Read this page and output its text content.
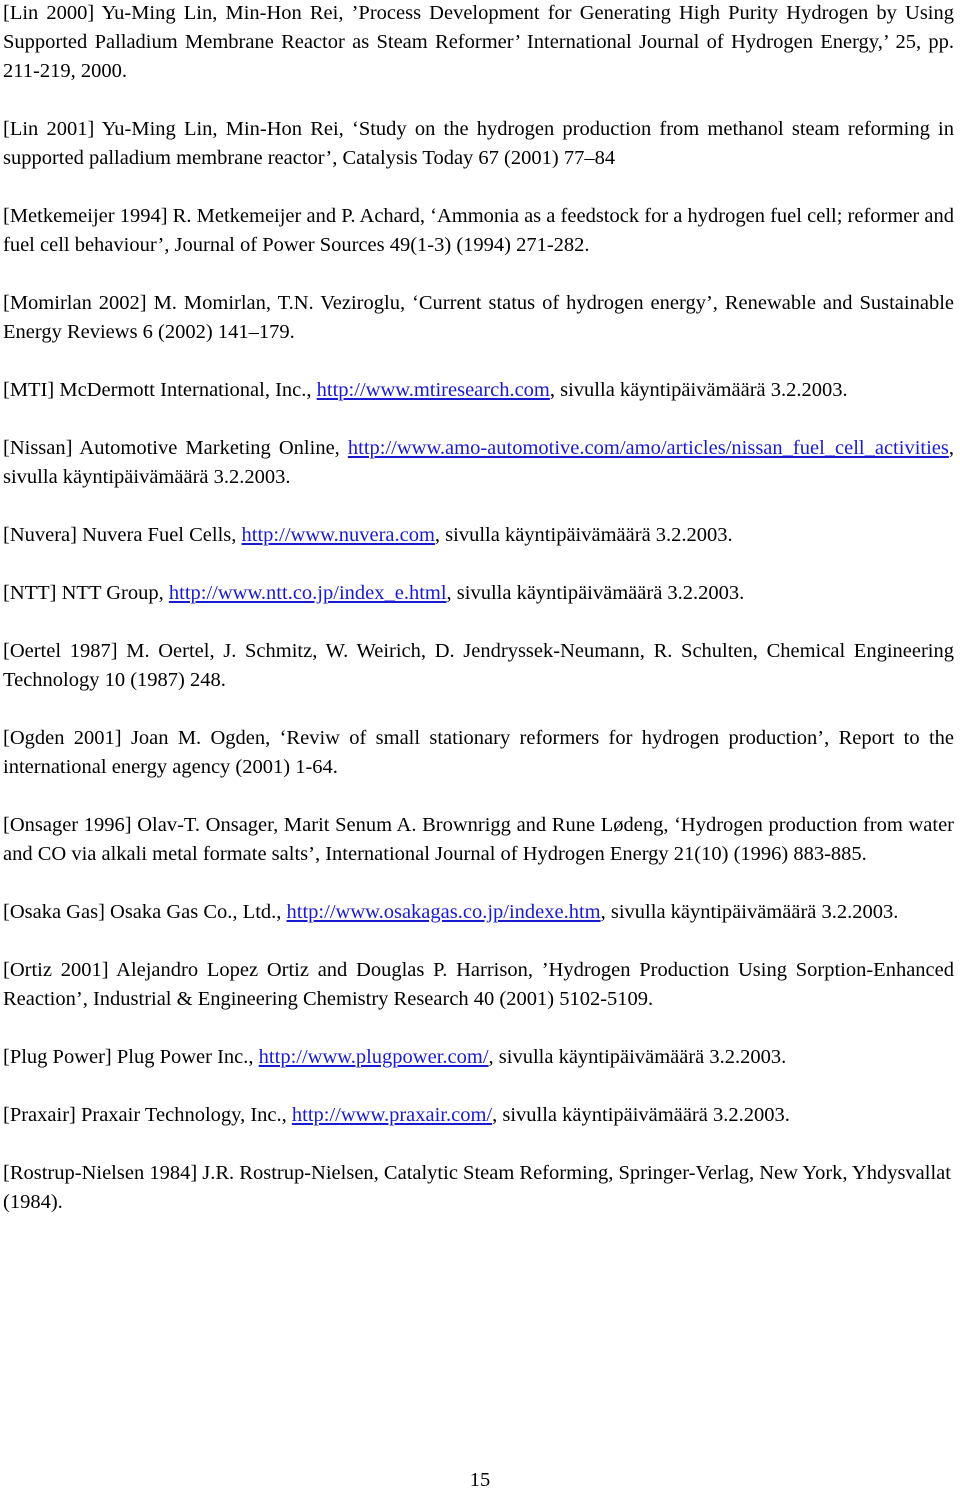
[Lin 2000] Yu-Ming Lin, Min-Hon Rei, ’Process Development for Generating High Purity Hydrogen by Using Supported Palladium Membrane Reactor as Steam Reformer’ International Journal of Hydrogen Energy,’ 25, pp. 211-219, 2000.

[Lin 2001] Yu-Ming Lin, Min-Hon Rei, ‘Study on the hydrogen production from methanol steam reforming in supported palladium membrane reactor’, Catalysis Today 67 (2001) 77–84

[Metkemeijer 1994] R. Metkemeijer and P. Achard, ‘Ammonia as a feedstock for a hydrogen fuel cell; reformer and fuel cell behaviour’, Journal of Power Sources 49(1-3) (1994) 271-282.

[Momirlan 2002] M. Momirlan, T.N. Veziroglu, ‘Current status of hydrogen energy’, Renewable and Sustainable Energy Reviews 6 (2002) 141–179.

[MTI] McDermott International, Inc., http://www.mtiresearch.com, sivulla käyntipäivämäärä 3.2.2003.

[Nissan] Automotive Marketing Online, http://www.amo-automotive.com/amo/articles/nissan_fuel_cell_activities, sivulla käyntipäivämäärä 3.2.2003.

[Nuvera] Nuvera Fuel Cells, http://www.nuvera.com, sivulla käyntipäivämäärä 3.2.2003.

[NTT] NTT Group, http://www.ntt.co.jp/index_e.html, sivulla käyntipäivämäärä 3.2.2003.

[Oertel 1987] M. Oertel, J. Schmitz, W. Weirich, D. Jendryssek-Neumann, R. Schulten, Chemical Engineering Technology 10 (1987) 248.

[Ogden 2001] Joan M. Ogden, ‘Reviw of small stationary reformers for hydrogen production’, Report to the international energy agency (2001) 1-64.

[Onsager 1996] Olav-T. Onsager, Marit Senum A. Brownrigg and Rune Lødeng, ‘Hydrogen production from water and CO via alkali metal formate salts’, International Journal of Hydrogen Energy 21(10) (1996) 883-885.

[Osaka Gas] Osaka Gas Co., Ltd., http://www.osakagas.co.jp/indexe.htm, sivulla käyntipäivämäärä 3.2.2003.

[Ortiz 2001] Alejandro Lopez Ortiz and Douglas P. Harrison, ’Hydrogen Production Using Sorption-Enhanced Reaction’, Industrial & Engineering Chemistry Research 40 (2001) 5102-5109.

[Plug Power] Plug Power Inc., http://www.plugpower.com/, sivulla käyntipäivämäärä 3.2.2003.

[Praxair] Praxair Technology, Inc., http://www.praxair.com/, sivulla käyntipäivämäärä 3.2.2003.

[Rostrup-Nielsen 1984] J.R. Rostrup-Nielsen, Catalytic Steam Reforming, Springer-Verlag, New York, Yhdysvallat (1984).

15
